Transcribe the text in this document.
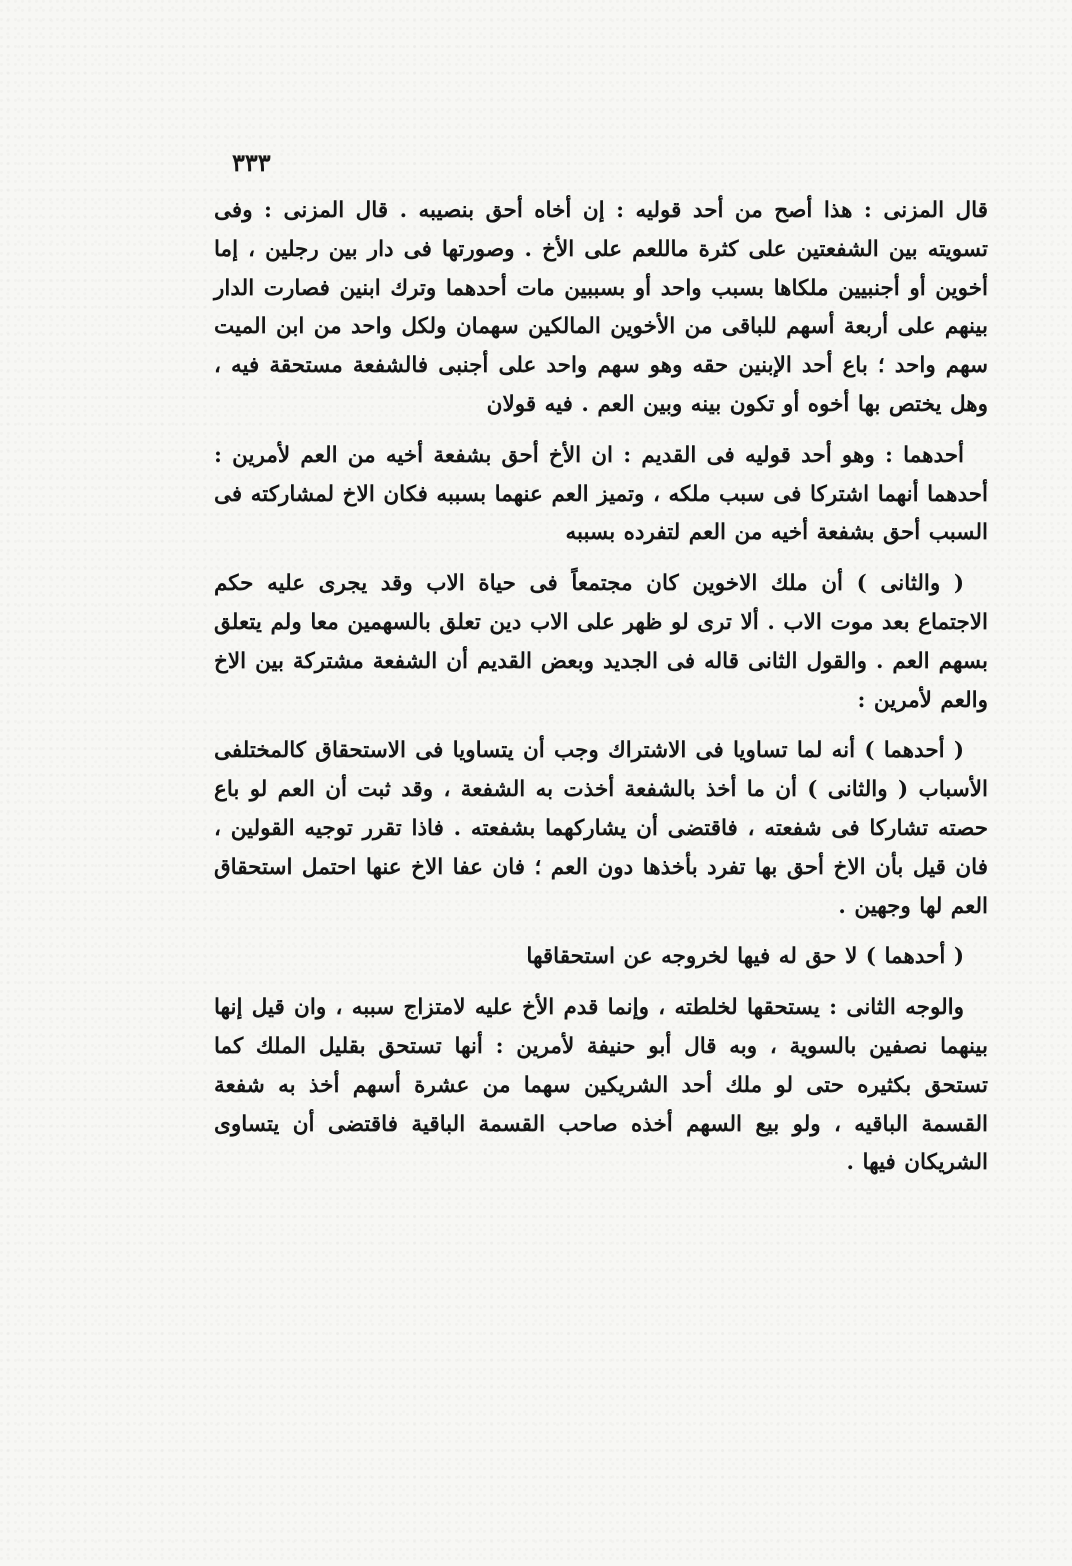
٣٣٣

قال المزنى : هذا أصح من أحد قوليه : إن أخاه أحق بنصيبه . قال المزنى : وفى تسويته بين الشفعتين على كثرة ماللعم على الأخ . وصورتها فى دار بين رجلين ، إما أخوين أو أجنبيين ملكاها بسبب واحد أو بسببين مات أحدهما وترك ابنين فصارت الدار بينهم على أربعة أسهم للباقى من الأخوين المالكين سهمان ولكل واحد من ابن الميت سهم واحد ؛ باع أحد الإبنين حقه وهو سهم واحد على أجنبى فالشفعة مستحقة فيه ، وهل يختص بها أخوه أو تكون بينه وبين العم . فيه قولان

أحدهما : وهو أحد قوليه فى القديم : ان الأخ أحق بشفعة أخيه من العم لأمرين : أحدهما أنهما اشتركا فى سبب ملكه ، وتميز العم عنهما بسببه فكان الاخ لمشاركته فى السبب أحق بشفعة أخيه من العم لتفرده بسببه

( والثانى ) أن ملك الاخوين كان مجتمعاً فى حياة الاب وقد يجرى عليه حكم الاجتماع بعد موت الاب . ألا ترى لو ظهر على الاب دين تعلق بالسهمين معا ولم يتعلق بسهم العم . والقول الثانى قاله فى الجديد وبعض القديم أن الشفعة مشتركة بين الاخ والعم لأمرين :

( أحدهما ) أنه لما تساويا فى الاشتراك وجب أن يتساويا فى الاستحقاق كالمختلفى الأسباب ( والثانى ) أن ما أخذ بالشفعة أخذت به الشفعة ، وقد ثبت أن العم لو باع حصته تشاركا فى شفعته ، فاقتضى أن يشاركهما بشفعته . فاذا تقرر توجيه القولين ، فان قيل بأن الاخ أحق بها تفرد بأخذها دون العم ؛ فان عفا الاخ عنها احتمل استحقاق العم لها وجهين .

( أحدهما ) لا حق له فيها لخروجه عن استحقاقها

والوجه الثانى : يستحقها لخلطته ، وإنما قدم الأخ عليه لامتزاج سببه ، وان قيل إنها بينهما نصفين بالسوية ، وبه قال أبو حنيفة لأمرين : أنها تستحق بقليل الملك كما تستحق بكثيره حتى لو ملك أحد الشريكين سهما من عشرة أسهم أخذ به شفعة القسمة الباقيه ، ولو بيع السهم أخذه صاحب القسمة الباقية فاقتضى أن يتساوى الشريكان فيها .
